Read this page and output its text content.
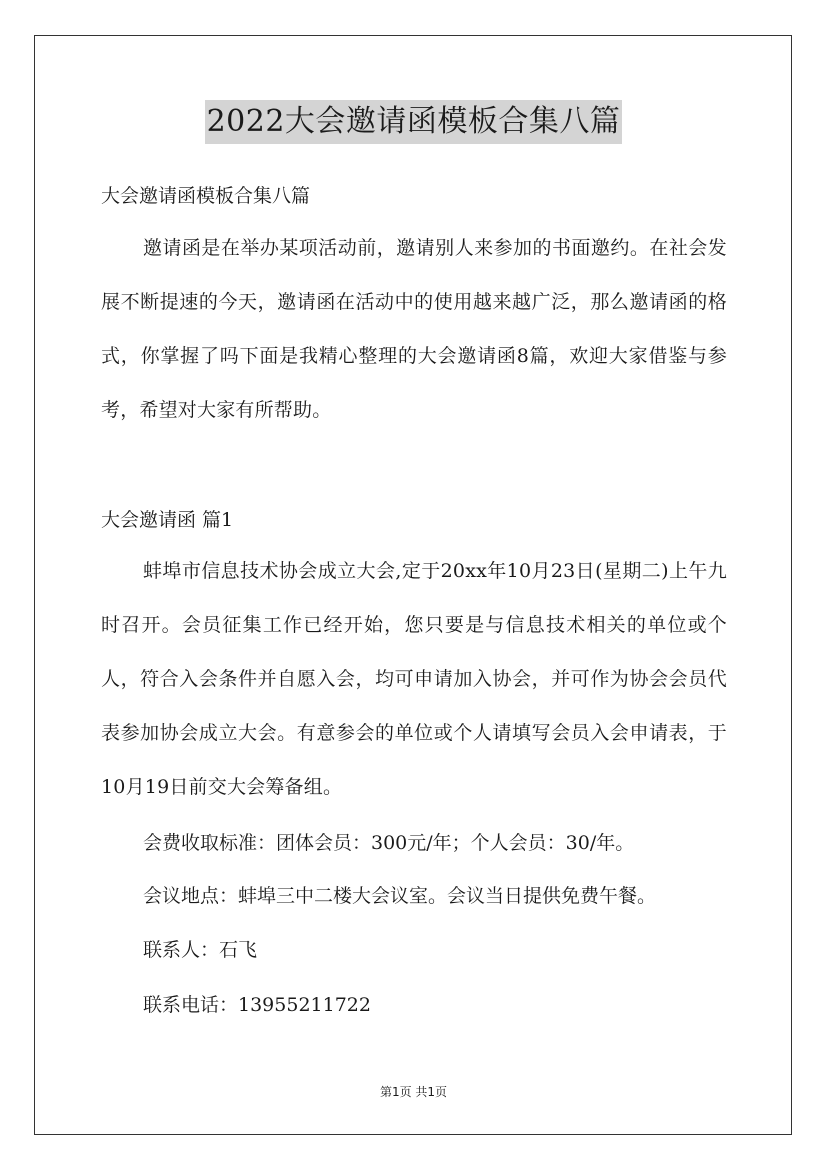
2022大会邀请函模板合集八篇
大会邀请函模板合集八篇
邀请函是在举办某项活动前，邀请别人来参加的书面邀约。在社会发展不断提速的今天，邀请函在活动中的使用越来越广泛，那么邀请函的格式，你掌握了吗下面是我精心整理的大会邀请函8篇，欢迎大家借鉴与参考，希望对大家有所帮助。
大会邀请函 篇1
蚌埠市信息技术协会成立大会,定于20xx年10月23日(星期二)上午九时召开。会员征集工作已经开始，您只要是与信息技术相关的单位或个人，符合入会条件并自愿入会，均可申请加入协会，并可作为协会会员代表参加协会成立大会。有意参会的单位或个人请填写会员入会申请表，于10月19日前交大会筹备组。
会费收取标准：团体会员：300元/年；个人会员：30/年。
会议地点：蚌埠三中二楼大会议室。会议当日提供免费午餐。
联系人：石飞
联系电话：13955211722
第1页 共1页
